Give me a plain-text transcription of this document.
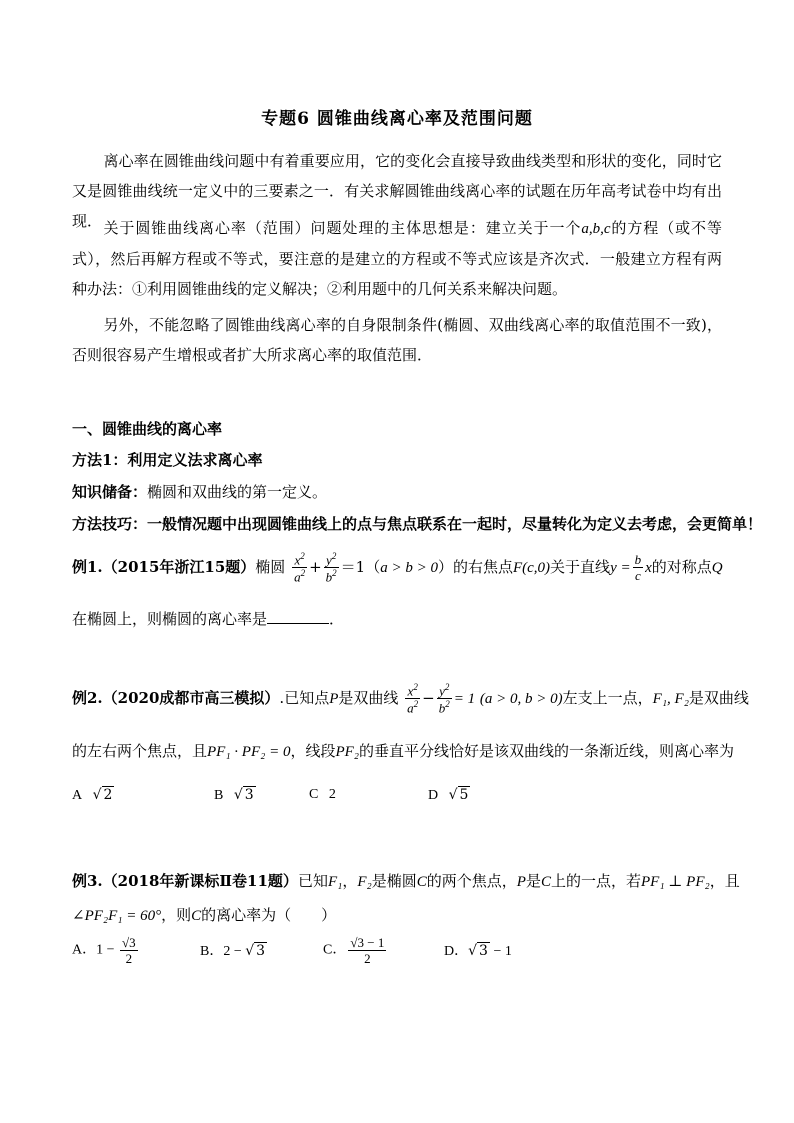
专题6 圆锥曲线离心率及范围问题
离心率在圆锥曲线问题中有着重要应用，它的变化会直接导致曲线类型和形状的变化，同时它又是圆锥曲线统一定义中的三要素之一．有关求解圆锥曲线离心率的试题在历年高考试卷中均有出现． 关于圆锥曲线离心率（范围）问题处理的主体思想是：建立关于一个a,b,c的方程（或不等式），然后再解方程或不等式，要注意的是建立的方程或不等式应该是齐次式．一般建立方程有两种办法：①利用圆锥曲线的定义解决；②利用题中的几何关系来解决问题。
另外，不能忽略了圆锥曲线离心率的自身限制条件(椭圆、双曲线离心率的取值范围不一致)，否则很容易产生增根或者扩大所求离心率的取值范围．
一、圆锥曲线的离心率
方法1：利用定义法求离心率
知识储备：椭圆和双曲线的第一定义。
方法技巧：一般情况题中出现圆锥曲线上的点与焦点联系在一起时，尽量转化为定义去考虑，会更简单！
例1.（2015年浙江15题）椭圆 $\frac{x^2}{a^2} + \frac{y^2}{b^2} =1(a > b > 0)$的右焦点F(c,0)关于直线$y = \frac{b}{c}$ x的对称点Q
在椭圆上，则椭圆的离心率是	．
例2.（2020成都市高三模拟）.已知点P是双曲线 $\frac{x^2}{a^2} - \frac{y^2}{b^2} = 1$ (a > 0, b > 0)左支上一点，F₁, F₂是双曲线
的左右两个焦点，且PF₁ · PF₂ = 0，线段PF₂的垂直平分线恰好是该双曲线的一条渐近线，则离心率为
A √ 2	B √ 3	C 2	D √ 5
例3.（2018年新课标Ⅱ卷11题）已知F₁，F₂是椭圆C的两个焦点，P是C上的一点，若PF₁ ⊥ PF₂，且
∠PF₂F₁ = 60°，则C的离心率为（　　）
A．$1 - \frac{√3}{2}$	B．2 − √ 3	C． $\frac{√3 - 1}{2}$	D．√ 3 − 1
